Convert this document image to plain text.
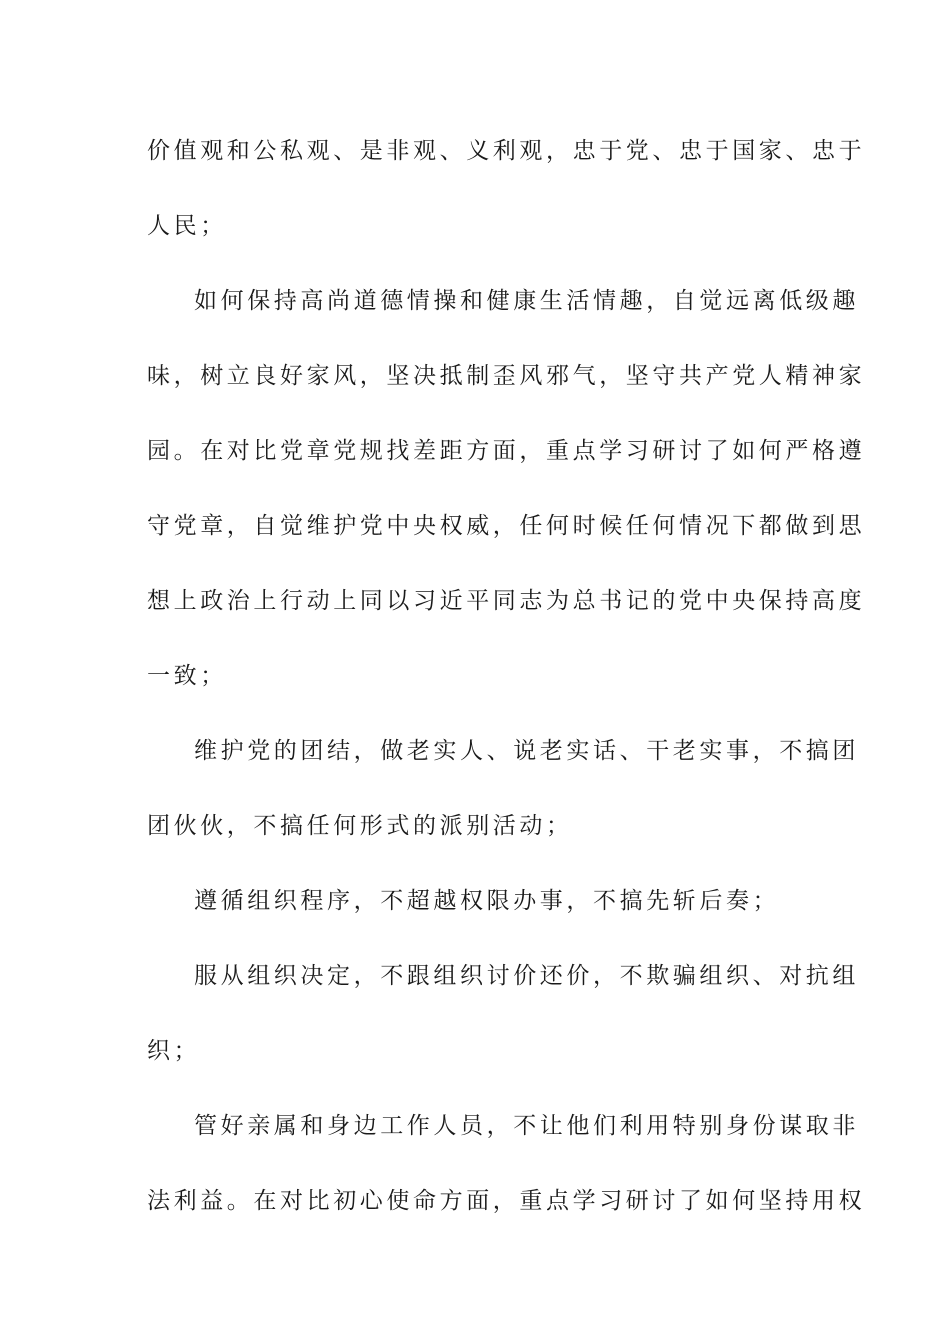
价值观和公私观、是非观、义利观，忠于党、忠于国家、忠于
人民；
如何保持高尚道德情操和健康生活情趣，自觉远离低级趣
味，树立良好家风，坚决抵制歪风邪气，坚守共产党人精神家
园。在对比党章党规找差距方面，重点学习研讨了如何严格遵
守党章，自觉维护党中央权威，任何时候任何情况下都做到思
想上政治上行动上同以习近平同志为总书记的党中央保持高度
一致；
维护党的团结，做老实人、说老实话、干老实事，不搞团
团伙伙，不搞任何形式的派别活动；
遵循组织程序，不超越权限办事，不搞先斩后奏；
服从组织决定，不跟组织讨价还价，不欺骗组织、对抗组
织；
管好亲属和身边工作人员，不让他们利用特别身份谋取非
法利益。在对比初心使命方面，重点学习研讨了如何坚持用权
